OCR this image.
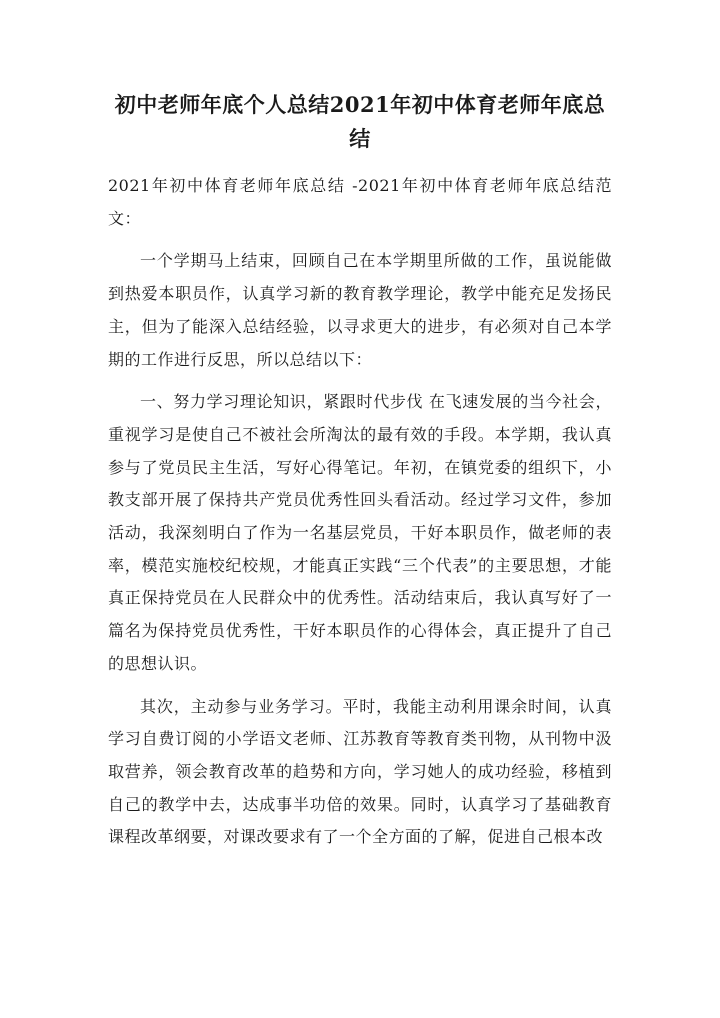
初中老师年底个人总结2021年初中体育老师年底总结

2021年初中体育老师年底总结 -2021年初中体育老师年底总结范文：

一个学期马上结束，回顾自己在本学期里所做的工作，虽说能做到热爱本职员作，认真学习新的教育教学理论，教学中能充足发扬民主，但为了能深入总结经验，以寻求更大的进步，有必须对自己本学期的工作进行反思，所以总结以下：

一、努力学习理论知识，紧跟时代步伐 在飞速发展的当今社会，重视学习是使自己不被社会所淘汰的最有效的手段。本学期，我认真参与了党员民主生活，写好心得笔记。年初，在镇党委的组织下，小教支部开展了保持共产党员优秀性回头看活动。经过学习文件，参加活动，我深刻明白了作为一名基层党员，干好本职员作，做老师的表率，模范实施校纪校规，才能真正实践“三个代表”的主要思想，才能真正保持党员在人民群众中的优秀性。活动结束后，我认真写好了一篇名为保持党员优秀性，干好本职员作的心得体会，真正提升了自己的思想认识。

其次，主动参与业务学习。平时，我能主动利用课余时间，认真学习自费订阅的小学语文老师、江苏教育等教育类刊物，从刊物中汲取营养，领会教育改革的趋势和方向，学习她人的成功经验，移植到自己的教学中去，达成事半功倍的效果。同时，认真学习了基础教育课程改革纲要，对课改要求有了一个全方面的了解，促进自己根本改
